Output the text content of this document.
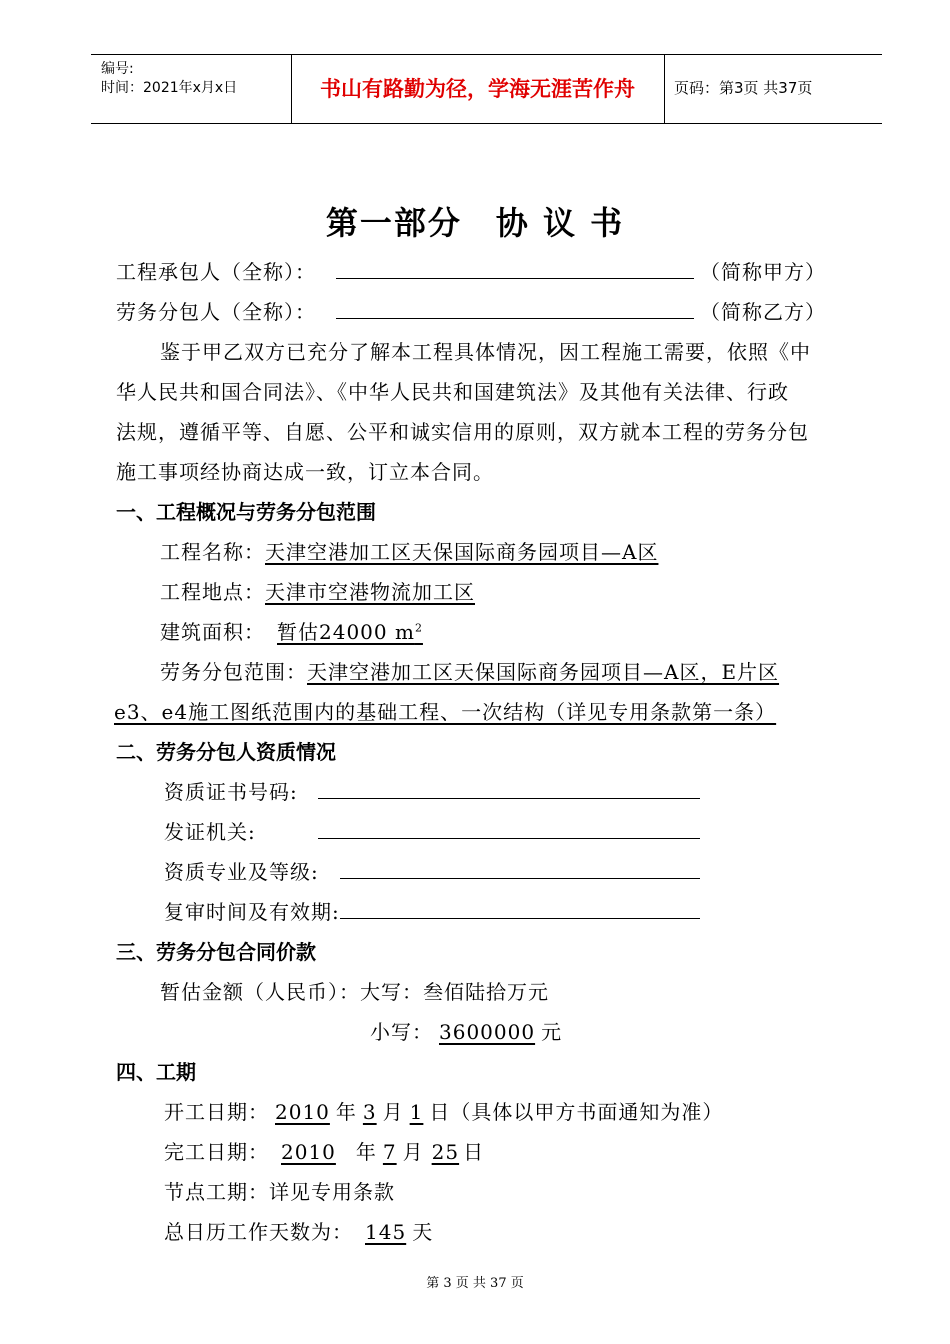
编号:
时间：2021年x月x日	书山有路勤为径，学海无涯苦作舟	页码：第3页 共37页
第一部分　协 议 书
工程承包人（全称）：	（简称甲方）
劳务分包人（全称）：	（简称乙方）
鉴于甲乙双方已充分了解本工程具体情况，因工程施工需要，依照《中
华人民共和国合同法》、《中华人民共和国建筑法》及其他有关法律、行政
法规，遵循平等、自愿、公平和诚实信用的原则，双方就本工程的劳务分包
施工事项经协商达成一致，订立本合同。
一、工程概况与劳务分包范围
工程名称：天津空港加工区天保国际商务园项目—A区
工程地点：天津市空港物流加工区
建筑面积： 暂估24000 $m^2$
劳务分包范围：天津空港加工区天保国际商务园项目—A区，E片区
e3、e4施工图纸范围内的基础工程、一次结构（详见专用条款第一条）
二、劳务分包人资质情况
资质证书号码:
发证机关:
资质专业及等级:
复审时间及有效期:
三、劳务分包合同价款
暂估金额（人民币）：大写：叁佰陆拾万元
小写： 3600000 元
四、工期
开工日期： 2010 年 3 月 1 日（具体以甲方书面通知为准）
完工日期： 2010 年 7 月 25 日
节点工期：详见专用条款
总日历工作天数为： 145 天
第 3 页 共 37 页
